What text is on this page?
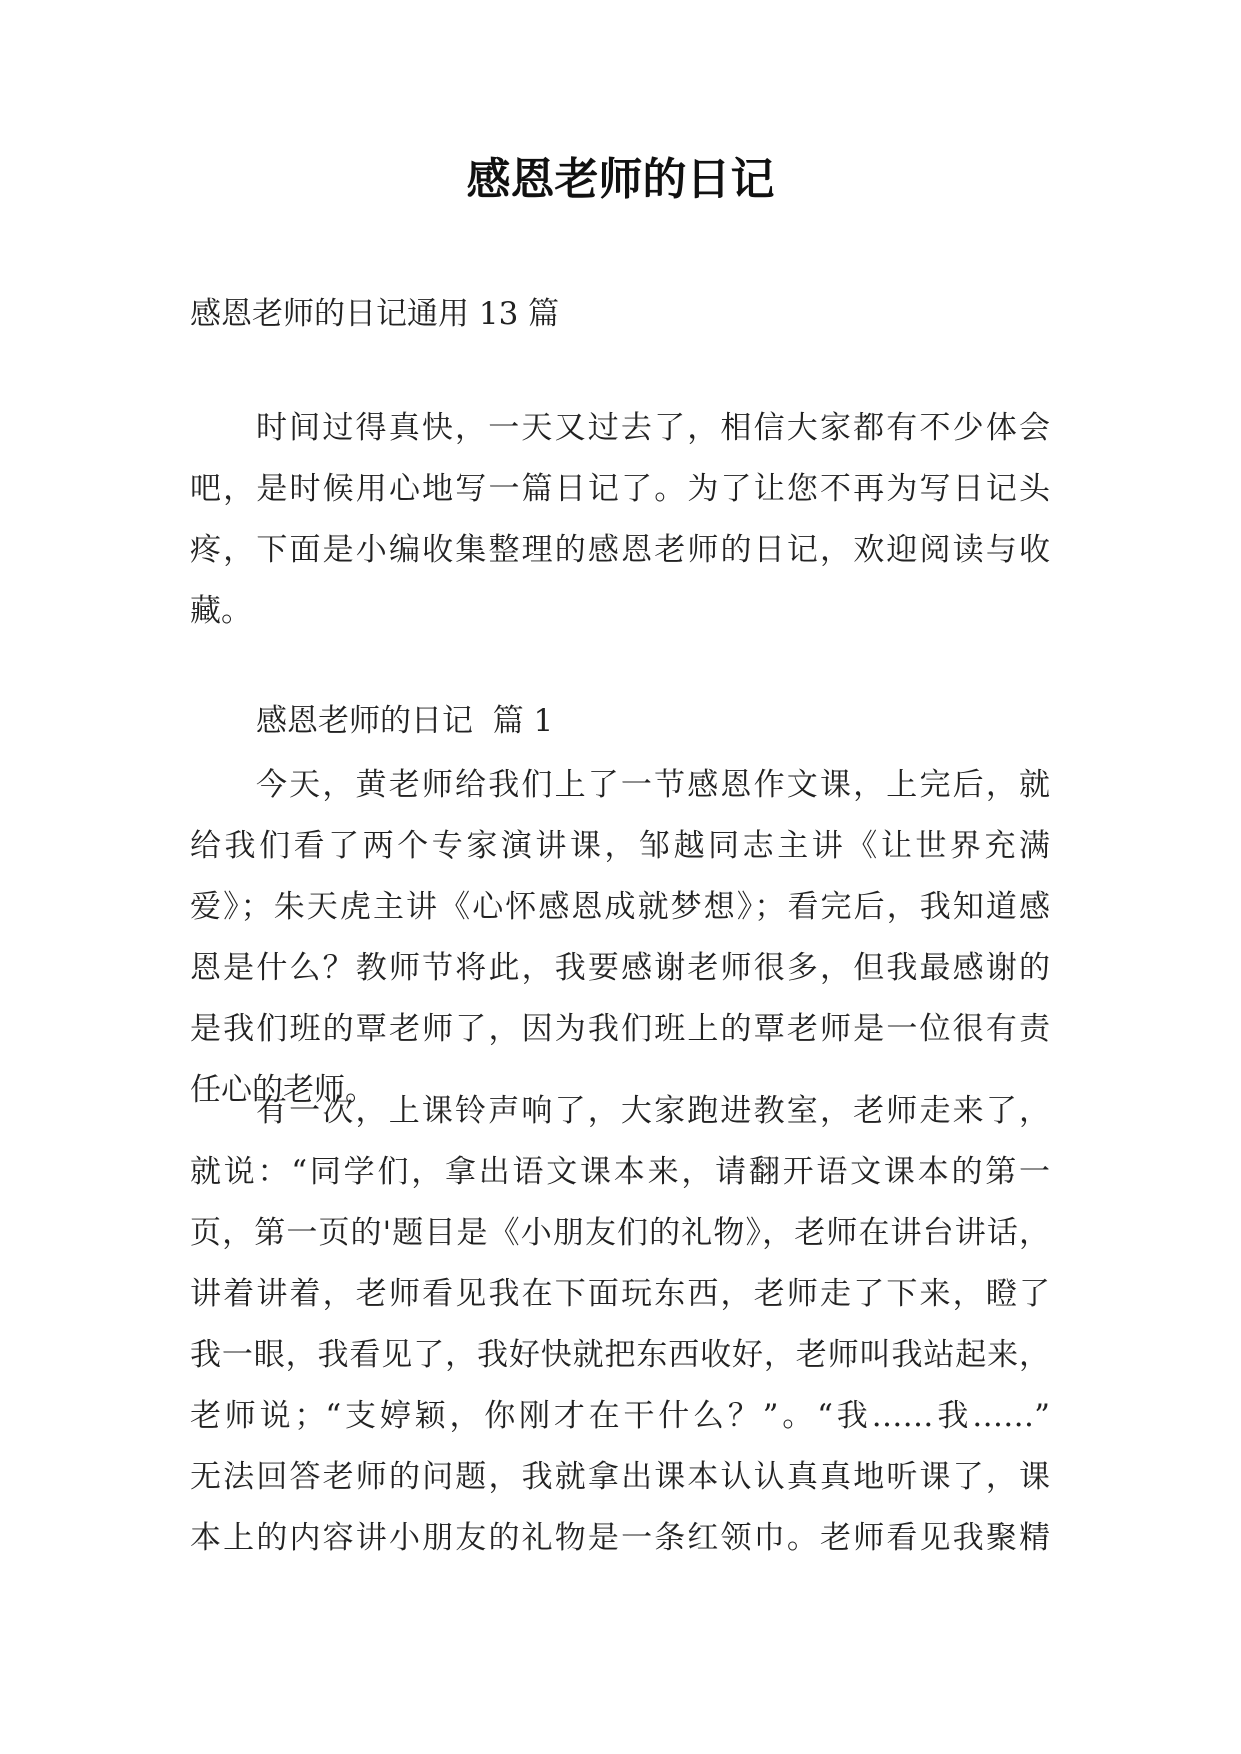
感恩老师的日记
感恩老师的日记通用 13 篇
时间过得真快，一天又过去了，相信大家都有不少体会
吧，是时候用心地写一篇日记了。为了让您不再为写日记头
疼，下面是小编收集整理的感恩老师的日记，欢迎阅读与收
藏。
感恩老师的日记  篇 1
今天，黄老师给我们上了一节感恩作文课，上完后，就
给我们看了两个专家演讲课，邹越同志主讲《让世界充满
爱》；朱天虎主讲《心怀感恩成就梦想》；看完后，我知道感
恩是什么？教师节将此，我要感谢老师很多，但我最感谢的
是我们班的覃老师了，因为我们班上的覃老师是一位很有责
任心的老师。
有一次，上课铃声响了，大家跑进教室，老师走来了，
就说：“同学们，拿出语文课本来，请翻开语文课本的第一
页，第一页的'题目是《小朋友们的礼物》，老师在讲台讲话，
讲着讲着，老师看见我在下面玩东西，老师走了下来，瞪了
我一眼，我看见了，我好快就把东西收好，老师叫我站起来，
老师说；“支婷颖，你刚才在干什么？”。“我……我……”
无法回答老师的问题，我就拿出课本认认真真地听课了，课
本上的内容讲小朋友的礼物是一条红领巾。老师看见我聚精
